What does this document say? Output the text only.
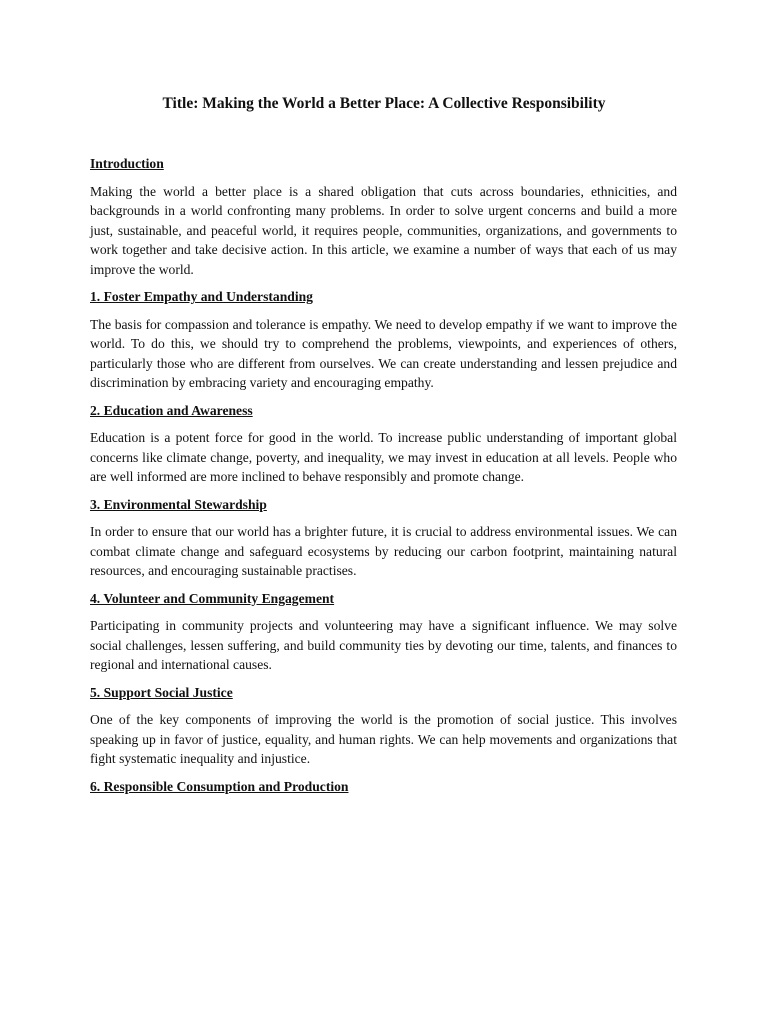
Title: Making the World a Better Place: A Collective Responsibility

Introduction

Making the world a better place is a shared obligation that cuts across boundaries, ethnicities, and backgrounds in a world confronting many problems. In order to solve urgent concerns and build a more just, sustainable, and peaceful world, it requires people, communities, organizations, and governments to work together and take decisive action. In this article, we examine a number of ways that each of us may improve the world.

1. Foster Empathy and Understanding

The basis for compassion and tolerance is empathy. We need to develop empathy if we want to improve the world. To do this, we should try to comprehend the problems, viewpoints, and experiences of others, particularly those who are different from ourselves. We can create understanding and lessen prejudice and discrimination by embracing variety and encouraging empathy.

2. Education and Awareness

Education is a potent force for good in the world. To increase public understanding of important global concerns like climate change, poverty, and inequality, we may invest in education at all levels. People who are well informed are more inclined to behave responsibly and promote change.

3. Environmental Stewardship

In order to ensure that our world has a brighter future, it is crucial to address environmental issues. We can combat climate change and safeguard ecosystems by reducing our carbon footprint, maintaining natural resources, and encouraging sustainable practises.

4. Volunteer and Community Engagement

Participating in community projects and volunteering may have a significant influence. We may solve social challenges, lessen suffering, and build community ties by devoting our time, talents, and finances to regional and international causes.

5. Support Social Justice

One of the key components of improving the world is the promotion of social justice. This involves speaking up in favor of justice, equality, and human rights. We can help movements and organizations that fight systematic inequality and injustice.

6. Responsible Consumption and Production
